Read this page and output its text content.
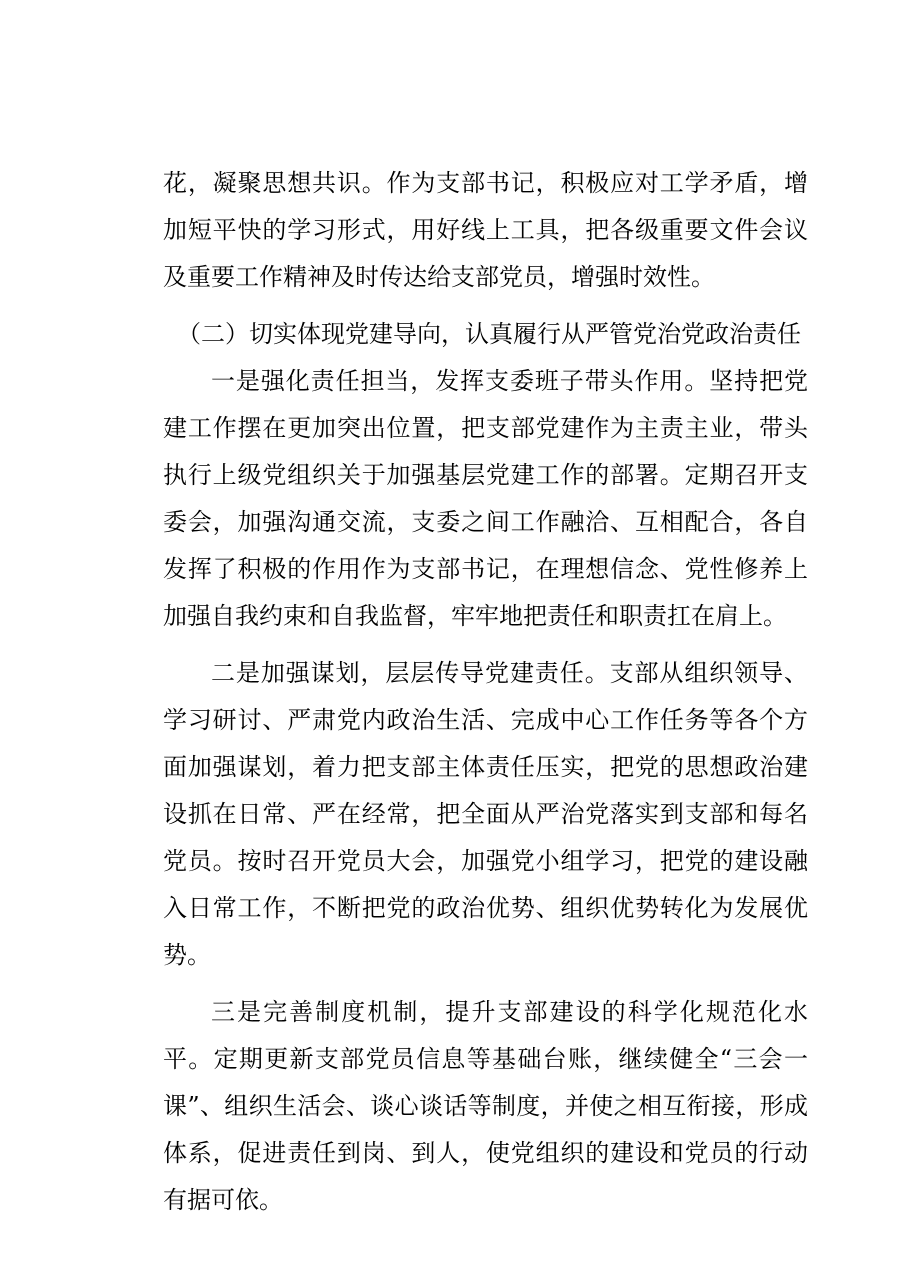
花，凝聚思想共识。作为支部书记，积极应对工学矛盾，增加短平快的学习形式，用好线上工具，把各级重要文件会议及重要工作精神及时传达给支部党员，增强时效性。

（二）切实体现党建导向，认真履行从严管党治党政治责任

一是强化责任担当，发挥支委班子带头作用。坚持把党建工作摆在更加突出位置，把支部党建作为主责主业，带头执行上级党组织关于加强基层党建工作的部署。定期召开支委会，加强沟通交流，支委之间工作融洽、互相配合，各自发挥了积极的作用作为支部书记，在理想信念、党性修养上加强自我约束和自我监督，牢牢地把责任和职责扛在肩上。

二是加强谋划，层层传导党建责任。支部从组织领导、学习研讨、严肃党内政治生活、完成中心工作任务等各个方面加强谋划，着力把支部主体责任压实，把党的思想政治建设抓在日常、严在经常，把全面从严治党落实到支部和每名党员。按时召开党员大会，加强党小组学习，把党的建设融入日常工作，不断把党的政治优势、组织优势转化为发展优势。

三是完善制度机制，提升支部建设的科学化规范化水平。定期更新支部党员信息等基础台账，继续健全“三会一课”、组织生活会、谈心谈话等制度，并使之相互衔接，形成体系，促进责任到岗、到人，使党组织的建设和党员的行动有据可依。
